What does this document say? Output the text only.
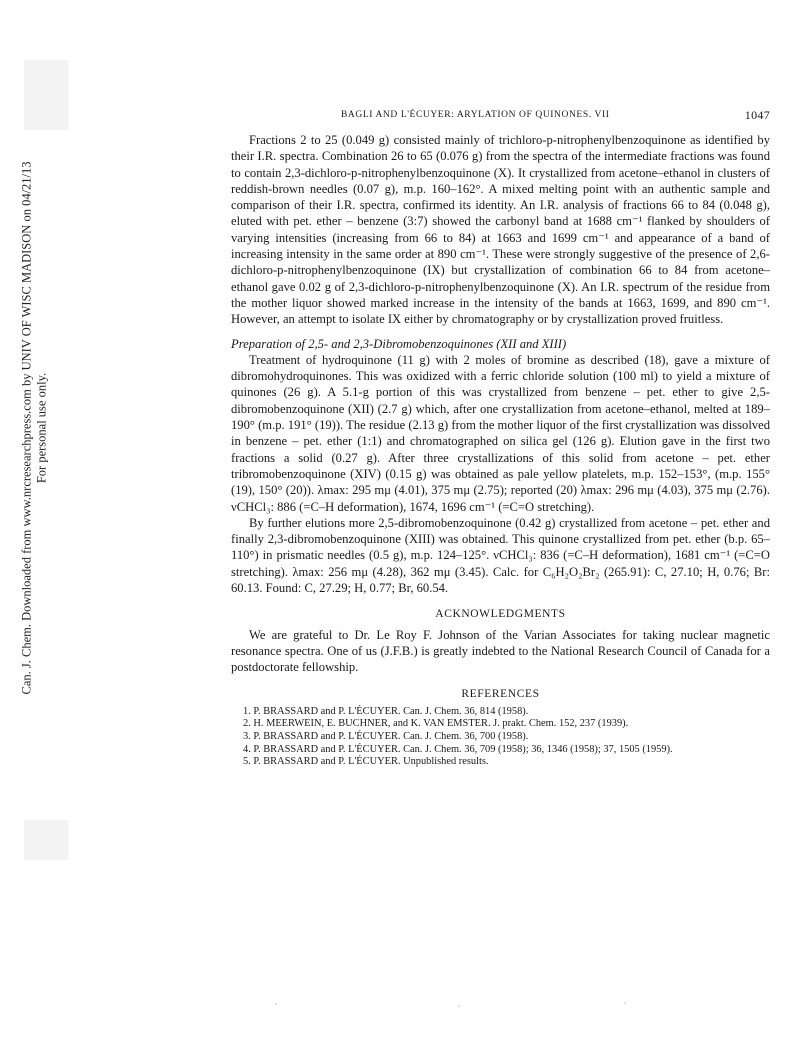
Can. J. Chem. Downloaded from www.nrcresearchpress.com by UNIV OF WISC MADISON on 04/21/13 For personal use only.
BAGLI AND L'ÉCUYER: ARYLATION OF QUINONES. VII	1047

Fractions 2 to 25 (0.049 g) consisted mainly of trichloro-p-nitrophenylbenzoquinone as identified by their I.R. spectra. Combination 26 to 65 (0.076 g) from the spectra of the intermediate fractions was found to contain 2,3-dichloro-p-nitrophenylbenzoquinone (X). It crystallized from acetone–ethanol in clusters of reddish-brown needles (0.07 g), m.p. 160–162°. A mixed melting point with an authentic sample and comparison of their I.R. spectra, confirmed its identity. An I.R. analysis of fractions 66 to 84 (0.048 g), eluted with pet. ether – benzene (3:7) showed the carbonyl band at 1688 cm⁻¹ flanked by shoulders of varying intensities (increasing from 66 to 84) at 1663 and 1699 cm⁻¹ and appearance of a band of increasing intensity in the same order at 890 cm⁻¹. These were strongly suggestive of the presence of 2,6-dichloro-p-nitrophenylbenzoquinone (IX) but crystallization of combination 66 to 84 from acetone–ethanol gave 0.02 g of 2,3-dichloro-p-nitrophenylbenzoquinone (X). An I.R. spectrum of the residue from the mother liquor showed marked increase in the intensity of the bands at 1663, 1699, and 890 cm⁻¹. However, an attempt to isolate IX either by chromatography or by crystallization proved fruitless.

Preparation of 2,5- and 2,3-Dibromobenzoquinones (XII and XIII)

Treatment of hydroquinone (11 g) with 2 moles of bromine as described (18), gave a mixture of dibromohydroquinones. This was oxidized with a ferric chloride solution (100 ml) to yield a mixture of quinones (26 g). A 5.1-g portion of this was crystallized from benzene – pet. ether to give 2,5-dibromobenzoquinone (XII) (2.7 g) which, after one crystallization from acetone–ethanol, melted at 189–190° (m.p. 191° (19)). The residue (2.13 g) from the mother liquor of the first crystallization was dissolved in benzene – pet. ether (1:1) and chromatographed on silica gel (126 g). Elution gave in the first two fractions a solid (0.27 g). After three crystallizations of this solid from acetone – pet. ether tribromobenzoquinone (XIV) (0.15 g) was obtained as pale yellow platelets, m.p. 152–153°, (m.p. 155° (19), 150° (20)). λmax: 295 mμ (4.01), 375 mμ (2.75); reported (20) λmax: 296 mμ (4.03), 375 mμ (2.76). νCHCl₃: 886 (=C–H deformation), 1674, 1696 cm⁻¹ (=C=O stretching).

By further elutions more 2,5-dibromobenzoquinone (0.42 g) crystallized from acetone – pet. ether and finally 2,3-dibromobenzoquinone (XIII) was obtained. This quinone crystallized from pet. ether (b.p. 65–110°) in prismatic needles (0.5 g), m.p. 124–125°. νCHCl₃: 836 (=C–H deformation), 1681 cm⁻¹ (=C=O stretching). λmax: 256 mμ (4.28), 362 mμ (3.45). Calc. for C₆H₂O₂Br₂ (265.91): C, 27.10; H, 0.76; Br: 60.13. Found: C, 27.29; H, 0.77; Br, 60.54.

ACKNOWLEDGMENTS

We are grateful to Dr. Le Roy F. Johnson of the Varian Associates for taking nuclear magnetic resonance spectra. One of us (J.F.B.) is greatly indebted to the National Research Council of Canada for a postdoctorate fellowship.

REFERENCES

1. P. BRASSARD and P. L'ÉCUYER. Can. J. Chem. 36, 814 (1958).
2. H. MEERWEIN, E. BUCHNER, and K. VAN EMSTER. J. prakt. Chem. 152, 237 (1939).
3. P. BRASSARD and P. L'ÉCUYER. Can. J. Chem. 36, 700 (1958).
4. P. BRASSARD and P. L'ÉCUYER. Can. J. Chem. 36, 709 (1958); 36, 1346 (1958); 37, 1505 (1959).
5. P. BRASSARD and P. L'ÉCUYER. Unpublished results.
